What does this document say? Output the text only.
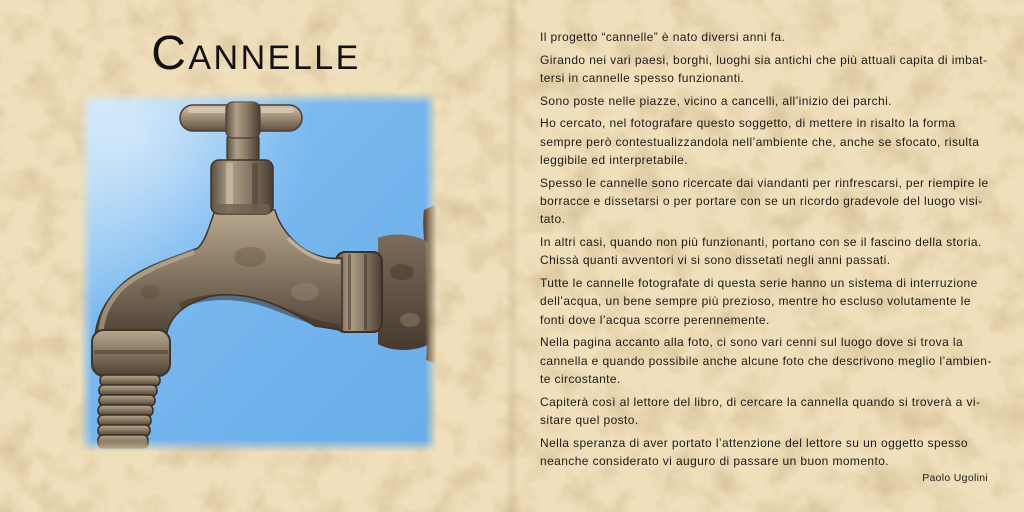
Cannelle	Il progetto “cannelle” è nato diversi anni fa.
Girando nei vari paesi, borghi, luoghi sia antichi che più attuali capita di imbat-
tersi in cannelle spesso funzionanti.
Sono poste nelle piazze, vicino a cancelli, all’inizio dei parchi.
Ho cercato, nel fotografare questo soggetto, di mettere in risalto la forma
sempre però contestualizzandola nell’ambiente che, anche se sfocato, risulta
leggibile ed interpretabile.
Spesso le cannelle sono ricercate dai viandanti per rinfrescarsi, per riempire le
borracce e dissetarsi o per portare con se un ricordo gradevole del luogo visi-
tato.
In altri casi, quando non più funzionanti, portano con se il fascino della storia.
Chissà quanti avventori vi si sono dissetati negli anni passati.
Tutte le cannelle fotografate di questa serie hanno un sistema di interruzione
dell’acqua, un bene sempre più prezioso, mentre ho escluso volutamente le
fonti dove l’acqua scorre perennemente.
Nella pagina accanto alla foto, ci sono vari cenni sul luogo dove si trova la
cannella e quando possibile anche alcune foto che descrivono meglio l’ambien-
te circostante.
Capiterà così al lettore del libro, di cercare la cannella quando si troverà a vi-
sitare quel posto.
Nella speranza di aver portato l’attenzione del lettore su un oggetto spesso
neanche considerato vi auguro di passare un buon momento.
Paolo Ugolini
